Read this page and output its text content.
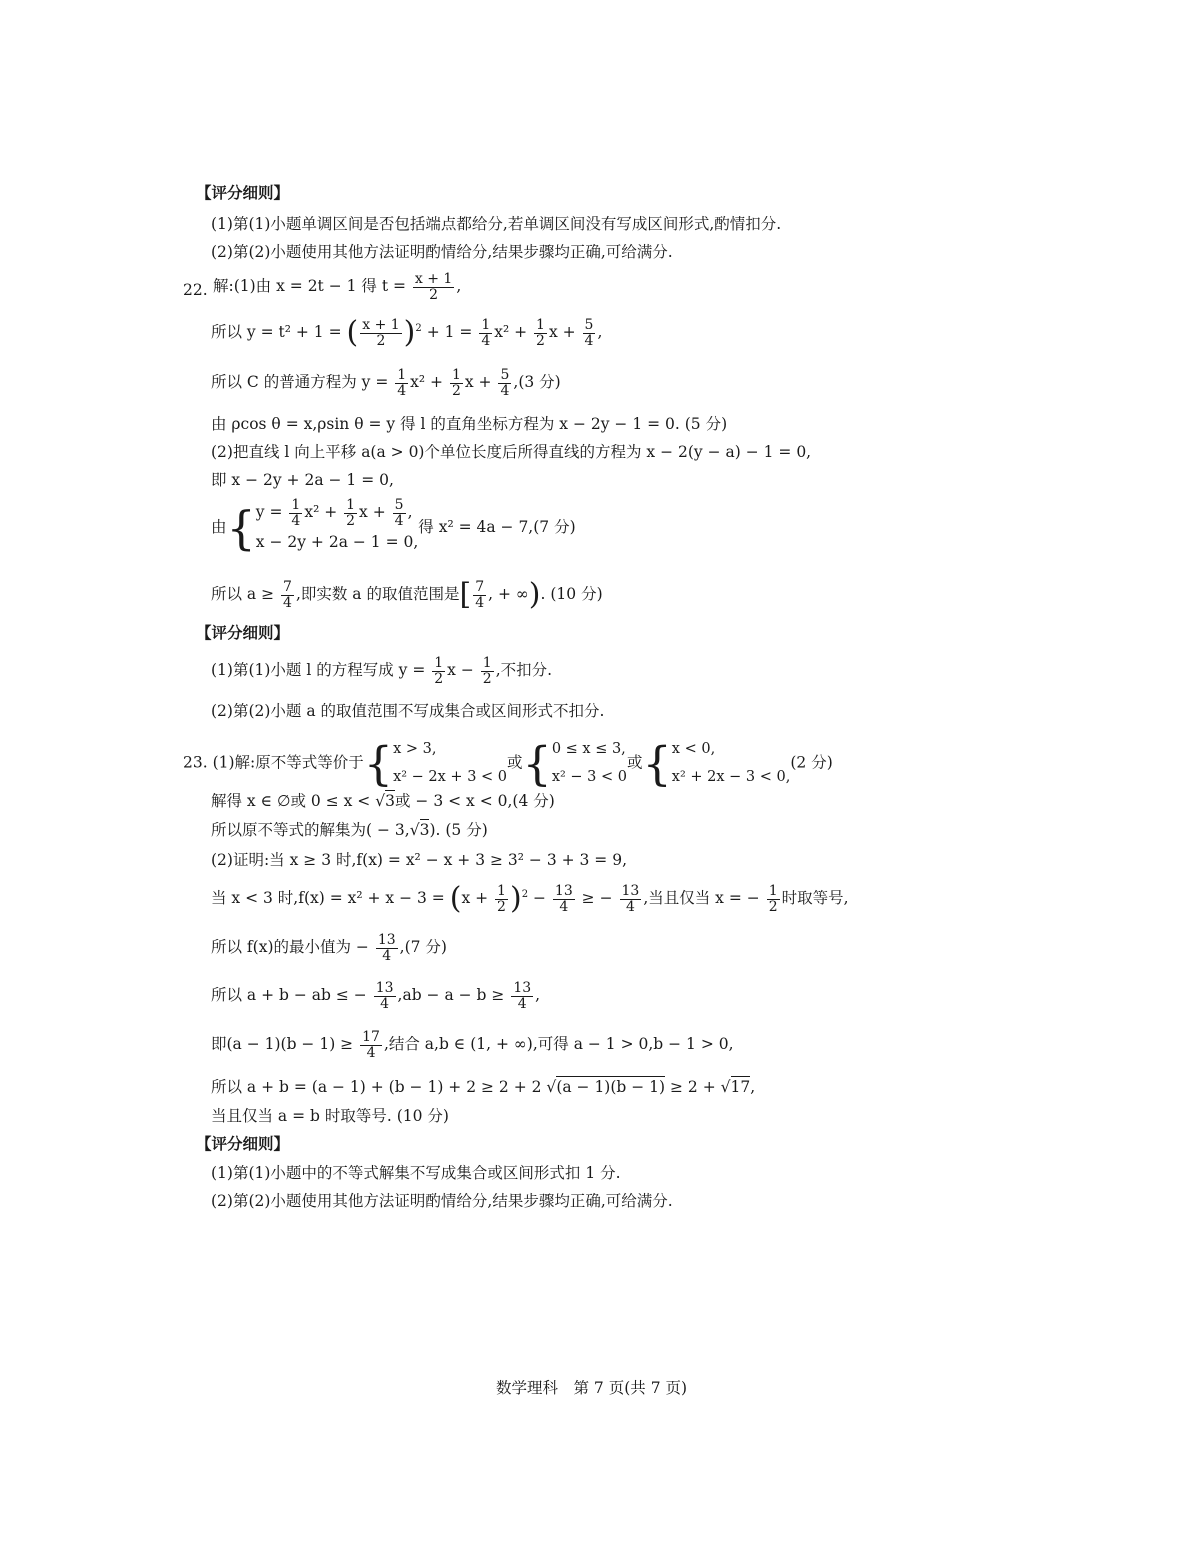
【评分细则】
(1)第(1)小题单调区间是否包括端点都给分,若单调区间没有写成区间形式,酌情扣分.
(2)第(2)小题使用其他方法证明酌情给分,结果步骤均正确,可给满分.
22. 解:(1)由 x = 2t − 1 得 $t = \frac{x + 1}{2}$ ,
所以 y = t² + 1 = ( $\frac{x + 1}{2} )^2 + 1 = \frac{1}{4} x^2 + \frac{1}{2}$ $x + \frac{5}{4}$ ,
所以 C 的普通方程为 $y = \frac{1}{4} x^2 + \frac{1}{2}$ $x + \frac{5}{4} ,(3$ 分)
由 ρcos θ = x,ρsin θ = y 得 l 的直角坐标方程为 x − 2y − 1 = 0. (5 分)
(2)把直线 l 向上平移 a(a > 0)个单位长度后所得直线的方程为 x − 2(y − a) − 1 = 0,
即 x − 2y + 2a − 1 = 0,
由{ $y = \frac{1}{4} x^2 + \frac{1}{2}$ $x + \frac{5}{4}$ ,
x − 2y + 2a − 1 = 0,
得 x² = 4a − 7,(7 分)
所以 $a \ge \frac{7}{4}$ ,即实数 a 的取值范围是[ $\frac{7}{4}$ , + ∞). (10 分)
【评分细则】
(1)第(1)小题 l 的方程写成 $y = \frac{1}{2}$ $x - \frac{1}{2}$ ,不扣分.
(2)第(2)小题 a 的取值范围不写成集合或区间形式不扣分.
23. (1)解:原不等式等价于{ x > 3,
x² − 2x + 3 < 0
或{ 0 ≤ x ≤ 3,
x² − 3 < 0
或{ x < 0,
x² + 2x − 3 < 0,
(2 分)
解得 x ∈ ∅或 0 ≤ x < √3或 − 3 < x < 0,(4 分)
所以原不等式的解集为( − 3,√3). (5 分)
(2)证明:当 x ≥ 3 时,f(x) = x² − x + 3 ≥ 3² − 3 + 3 = 9,
当 x < 3 时$,f(x) = x^2 + x - 3 = (x + \frac{1}{2} )^2 - \frac{13}{4}$ ≥ − $\frac{13}{4}$ ,当且仅当 x = − $\frac{1}{2}$ 时取等号,
所以 f(x)的最小值为 − $\frac{13}{4} ,(7$ 分)
所以 a + b − ab ≤ − $\frac{13}{4} ,ab - a - b \ge \frac{13}{4}$ ,
即$(a - 1)(b - 1) \ge \frac{17}{4}$ ,结合 a,b ∈ (1, + ∞),可得 a − 1 > 0,b − 1 > 0,
所以 a + b = (a − 1) + (b − 1) + 2 ≥ 2 + 2 √(a − 1)(b − 1) ≥ 2 + √17,
当且仅当 a = b 时取等号. (10 分)
【评分细则】
(1)第(1)小题中的不等式解集不写成集合或区间形式扣 1 分.
(2)第(2)小题使用其他方法证明酌情给分,结果步骤均正确,可给满分.
数学理科　第 7 页(共 7 页)
